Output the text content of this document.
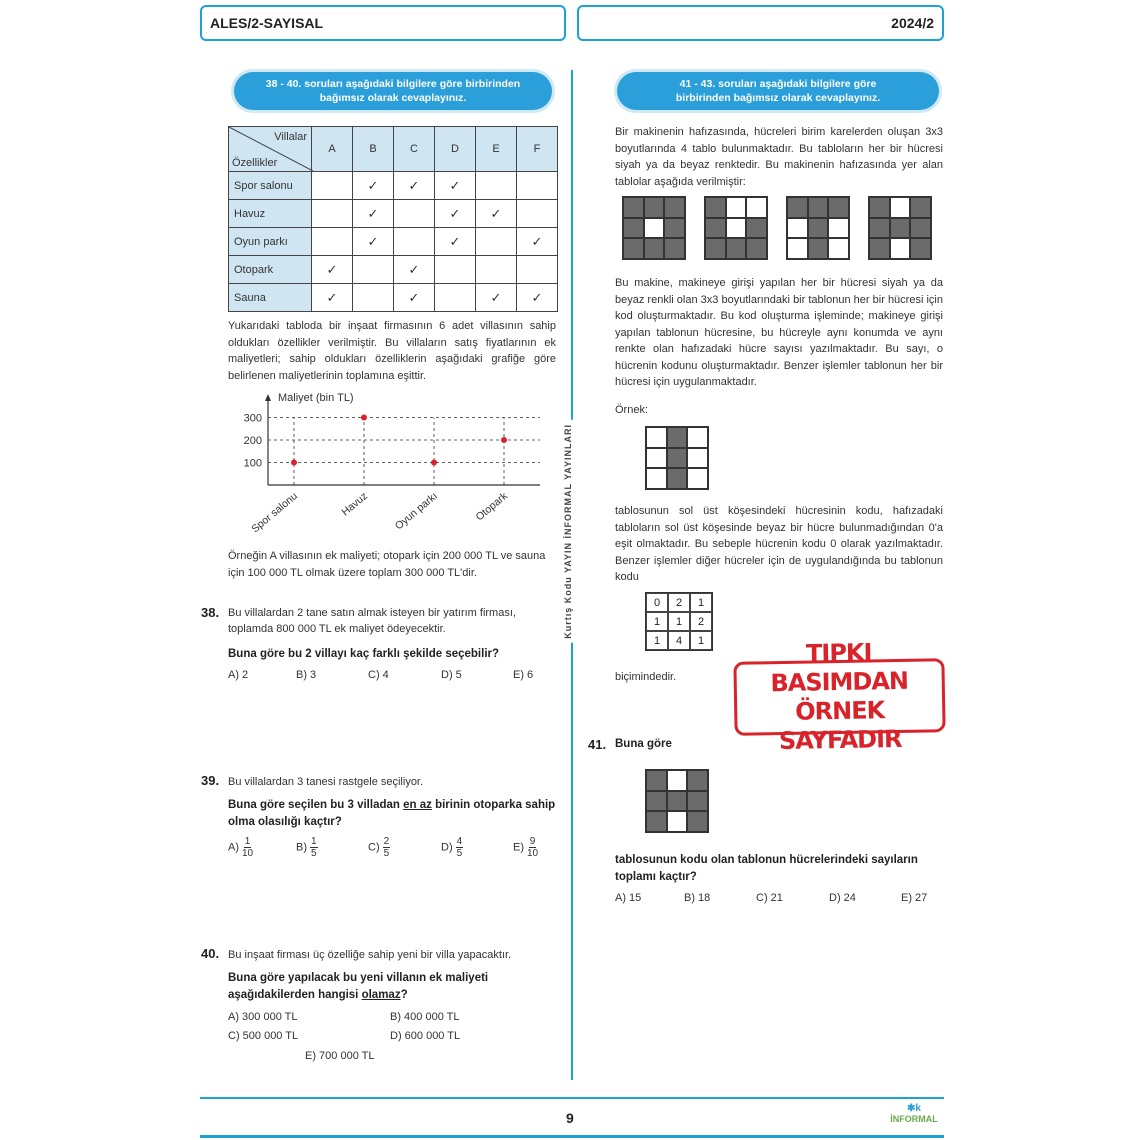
ALES/2-SAYISAL	2024/2
Kurtış Kodu YAYIN İNFORMAL YAYINLARI
38 - 40. soruları aşağıdaki bilgilere göre birbirinden bağımsız olarak cevaplayınız.
Villalar
Özellikler	A	B	C	D	E	F
Spor salonu		✓	✓	✓		
Havuz		✓		✓	✓	
Oyun parkı		✓		✓		✓
Otopark	✓		✓			
Sauna	✓		✓		✓	✓
Yukarıdaki tabloda bir inşaat firmasının 6 adet villasının sahip oldukları özellikler verilmiştir. Bu villaların satış fiyatlarının ek maliyetleri; sahip oldukları özelliklerin aşağıdaki grafiğe göre belirlenen maliyetlerinin toplamına eşittir.
Maliyet (bin TL)
100
200
300
Spor salonu	Havuz Oyun parkı	Otopark
Örneğin A villasının ek maliyeti; otopark için 200 000 TL ve sauna için 100 000 TL olmak üzere toplam 300 000 TL'dir.
38. Bu villalardan 2 tane satın almak isteyen bir yatırım firması, toplamda 800 000 TL ek maliyet ödeyecektir.
Buna göre bu 2 villayı kaç farklı şekilde seçebilir?
A) 2	B) 3	C) 4	D) 5	E) 6
39. Bu villalardan 3 tanesi rastgele seçiliyor.
Buna göre seçilen bu 3 villadan en az birinin otoparka sahip olma olasılığı kaçtır?
$A) \frac{1}{10}$	$B) \frac{1}{5}$	$C) \frac{2}{5}$	$D) \frac{4}{5}$	$E) \frac{9}{10}$
40. Bu inşaat firması üç özelliğe sahip yeni bir villa yapacaktır.
Buna göre yapılacak bu yeni villanın ek maliyeti aşağıdakilerden hangisi olamaz?
A) 300 000 TL	B) 400 000 TL
C) 500 000 TL	D) 600 000 TL
E) 700 000 TL
41 - 43. soruları aşağıdaki bilgilere göre birbirinden bağımsız olarak cevaplayınız.
Bir makinenin hafızasında, hücreleri birim karelerden oluşan 3x3 boyutlarında 4 tablo bulunmaktadır. Bu tabloların her bir hücresi siyah ya da beyaz renktedir. Bu makinenin hafızasında yer alan tablolar aşağıda verilmiştir:
Bu makine, makineye girişi yapılan her bir hücresi siyah ya da beyaz renkli olan 3x3 boyutlarındaki bir tablonun her bir hücresi için kod oluşturmaktadır. Bu kod oluşturma işleminde; makineye girişi yapılan tablonun hücresine, bu hücreyle aynı konumda ve aynı renkte olan hafızadaki hücre sayısı yazılmaktadır. Bu sayı, o hücrenin kodunu oluşturmaktadır. Benzer işlemler tablonun her bir hücresi için uygulanmaktadır.
Örnek:
tablosunun sol üst köşesindeki hücresinin kodu, hafızadaki tabloların sol üst köşesinde beyaz bir hücre bulunmadığından 0'a eşit olmaktadır. Bu sebeple hücrenin kodu 0 olarak yazılmaktadır. Benzer işlemler diğer hücreler için de uygulandığında bu tablonun kodu
0	2	1
1	1	2
1	4	1
biçimindedir.
TIPKI BASIMDAN
ÖRNEK SAYFADIR
41. Buna göre
tablosunun kodu olan tablonun hücrelerindeki sayıların toplamı kaçtır?
A) 15	B) 18	C) 21	D) 24	E) 27
9
✱k
İNFORMAL
